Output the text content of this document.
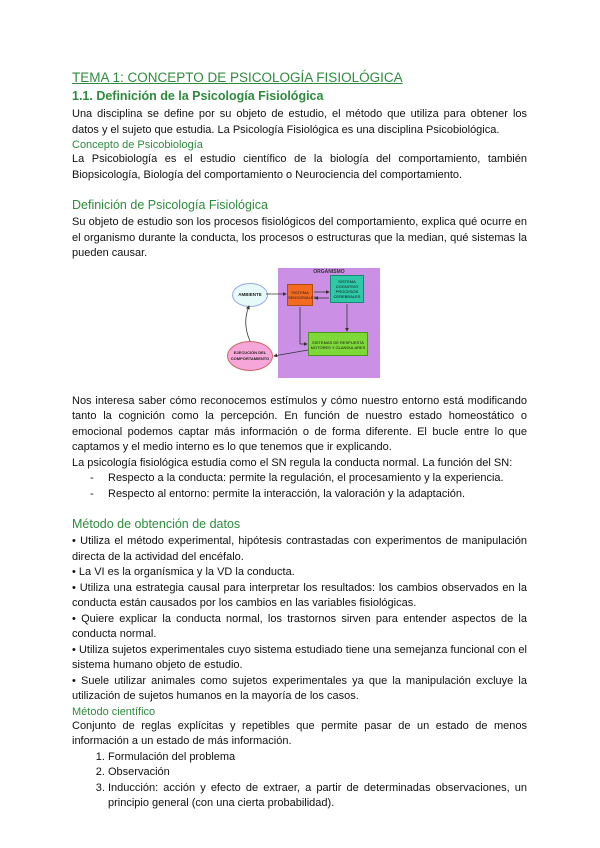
TEMA 1: CONCEPTO DE PSICOLOGÍA FISIOLÓGICA
1.1. Definición de la Psicología Fisiológica

Una disciplina se define por su objeto de estudio, el método que utiliza para obtener los datos y el sujeto que estudia. La Psicología Fisiológica es una disciplina Psicobiológica.

Concepto de Psicobiología

La Psicobiología es el estudio científico de la biología del comportamiento, también Biopsicología, Biología del comportamiento o Neurociencia del comportamiento.

Definición de Psicología Fisiológica

Su objeto de estudio son los procesos fisiológicos del comportamiento, explica qué ocurre en el organismo durante la conducta, los procesos o estructuras que la median, qué sistemas la pueden causar.

ORGANISMO
AMBIENTE	SISTEMA SENSORIALES
SISTEMA COGNITIVO PROCESOS CEREBRALES
SISTEMAS DE RESPUESTA MOTORES Y GLANDULARES
EJECUCIÓN DEL COMPORTAMIENTO

Nos interesa saber cómo reconocemos estímulos y cómo nuestro entorno está modificando tanto la cognición como la percepción. En función de nuestro estado homeostático o emocional podemos captar más información o de forma diferente. El bucle entre lo que captamos y el medio interno es lo que tenemos que ir explicando.

La psicología fisiológica estudia como el SN regula la conducta normal. La función del SN:

- Respecto a la conducta: permite la regulación, el procesamiento y la experiencia.
- Respecto al entorno: permite la interacción, la valoración y la adaptación.
Método de obtención de datos

• Utiliza el método experimental, hipótesis contrastadas con experimentos de manipulación directa de la actividad del encéfalo.

• La VI es la organísmica y la VD la conducta.

• Utiliza una estrategia causal para interpretar los resultados: los cambios observados en la conducta están causados por los cambios en las variables fisiológicas.

• Quiere explicar la conducta normal, los trastornos sirven para entender aspectos de la conducta normal.

• Utiliza sujetos experimentales cuyo sistema estudiado tiene una semejanza funcional con el sistema humano objeto de estudio.

• Suele utilizar animales como sujetos experimentales ya que la manipulación excluye la utilización de sujetos humanos en la mayoría de los casos.

Método científico

Conjunto de reglas explícitas y repetibles que permite pasar de un estado de menos información a un estado de más información.

1. Formulación del problema
2. Observación
3. Inducción: acción y efecto de extraer, a partir de determinadas observaciones, un principio general (con una cierta probabilidad).
